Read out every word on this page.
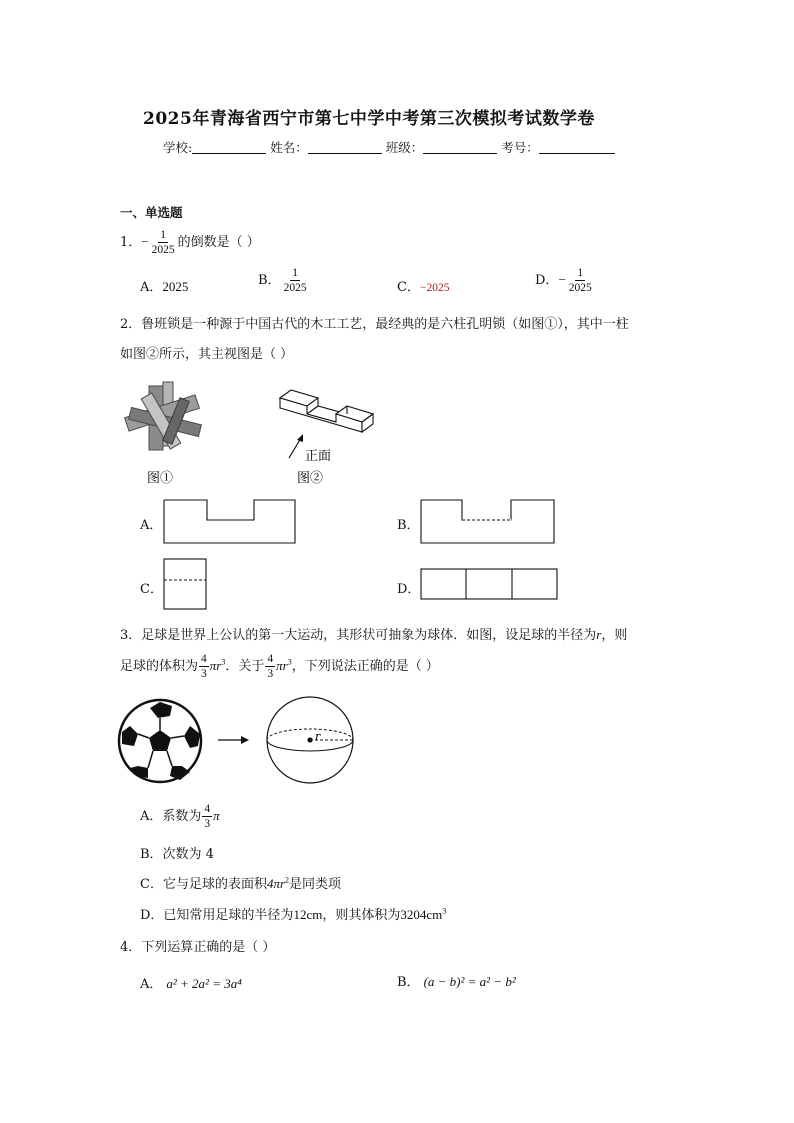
2025年青海省西宁市第七中学中考第三次模拟考试数学卷
学校:	姓名：	班级：	考号：
一、单选题
1．− $\frac{1}{2025}$ 的倒数是（ ）
A．2025	B． $\frac{1}{2025}$	C．−2025	D．− $\frac{1}{2025}$
2．鲁班锁是一种源于中国古代的木工工艺，最经典的是六柱孔明锁（如图①），其中一柱
如图②所示，其主视图是（ ）
图①
正面
图②
A．	B．
C．	D．
3．足球是世界上公认的第一大运动，其形状可抽象为球体．如图，设足球的半径为r，则
足球的体积为 $\frac{4}{3} \pi r^3$．关于 $\frac{4}{3} \pi r^3$，下列说法正确的是（ ）
r
A．系数为 $\frac{4}{3}$ π
B．次数为 4
C．它与足球的表面积$4\pi r^2$是同类项
D．已知常用足球的半径为12cm，则其体积为$3204cm^3$
4．下列运算正确的是（ ）
A． a² + 2a² = 3a⁴	B． (a − b)² = a² − b²
